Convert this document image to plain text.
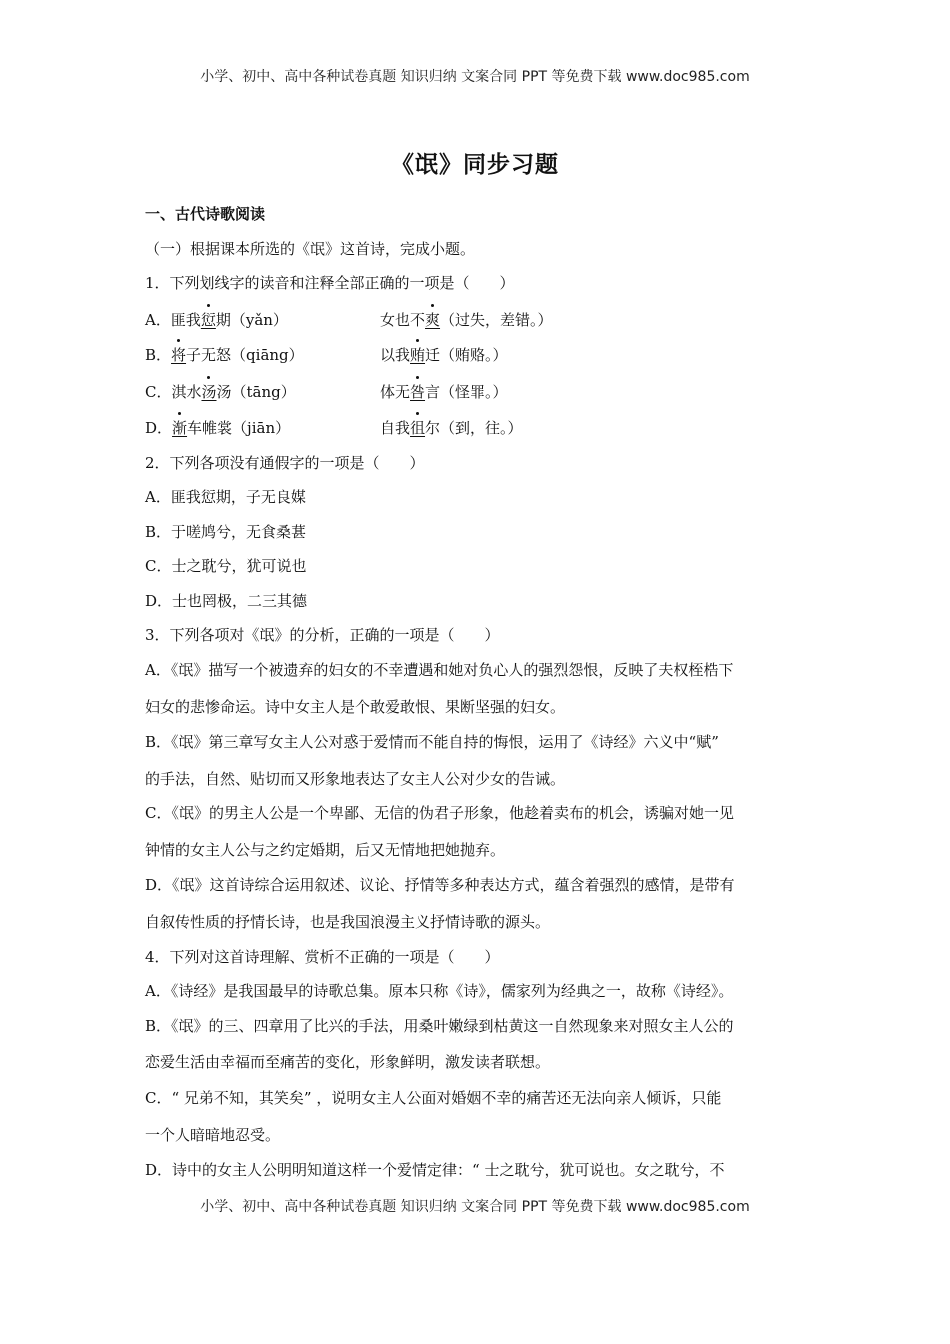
小学、初中、高中各种试卷真题 知识归纳 文案合同 PPT 等免费下载 www.doc985.com
《氓》同步习题
一、古代诗歌阅读
（一）根据课本所选的《氓》这首诗，完成小题。
1．下列划线字的读音和注释全部正确的一项是（　　）
A．匪我愆期（yǎn）	女也不爽（过失，差错。）
B．将子无怒（qiāng）	以我贿迁（贿赂。）
C．淇水汤汤（tāng）	体无咎言（怪罪。）
D．渐车帷裳（jiān）	自我徂尔（到，往。）
2．下列各项没有通假字的一项是（　　）
A．匪我愆期，子无良媒
B．于嗟鸠兮，无食桑葚
C．士之耽兮，犹可说也
D．士也罔极，二三其德
3．下列各项对《氓》的分析，正确的一项是（　　）
A．《氓》描写一个被遗弃的妇女的不幸遭遇和她对负心人的强烈怨恨，反映了夫权桎梏下
妇女的悲惨命运。诗中女主人是个敢爱敢恨、果断坚强的妇女。
B．《氓》第三章写女主人公对惑于爱情而不能自持的悔恨，运用了《诗经》六义中“赋”
的手法，自然、贴切而又形象地表达了女主人公对少女的告诫。
C．《氓》的男主人公是一个卑鄙、无信的伪君子形象，他趁着卖布的机会，诱骗对她一见
钟情的女主人公与之约定婚期，后又无情地把她抛弃。
D．《氓》这首诗综合运用叙述、议论、抒情等多种表达方式，蕴含着强烈的感情，是带有
自叙传性质的抒情长诗，也是我国浪漫主义抒情诗歌的源头。
4．下列对这首诗理解、赏析不正确的一项是（　　）
A．《诗经》是我国最早的诗歌总集。原本只称《诗》，儒家列为经典之一，故称《诗经》。
B．《氓》的三、四章用了比兴的手法，用桑叶嫩绿到枯黄这一自然现象来对照女主人公的
恋爱生活由幸福而至痛苦的变化，形象鲜明，激发读者联想。
C．“ 兄弟不知，其笑矣” ，说明女主人公面对婚姻不幸的痛苦还无法向亲人倾诉，只能
一个人暗暗地忍受。
D．诗中的女主人公明明知道这样一个爱情定律：“ 士之耽兮，犹可说也。女之耽兮，不
小学、初中、高中各种试卷真题 知识归纳 文案合同 PPT 等免费下载 www.doc985.com
